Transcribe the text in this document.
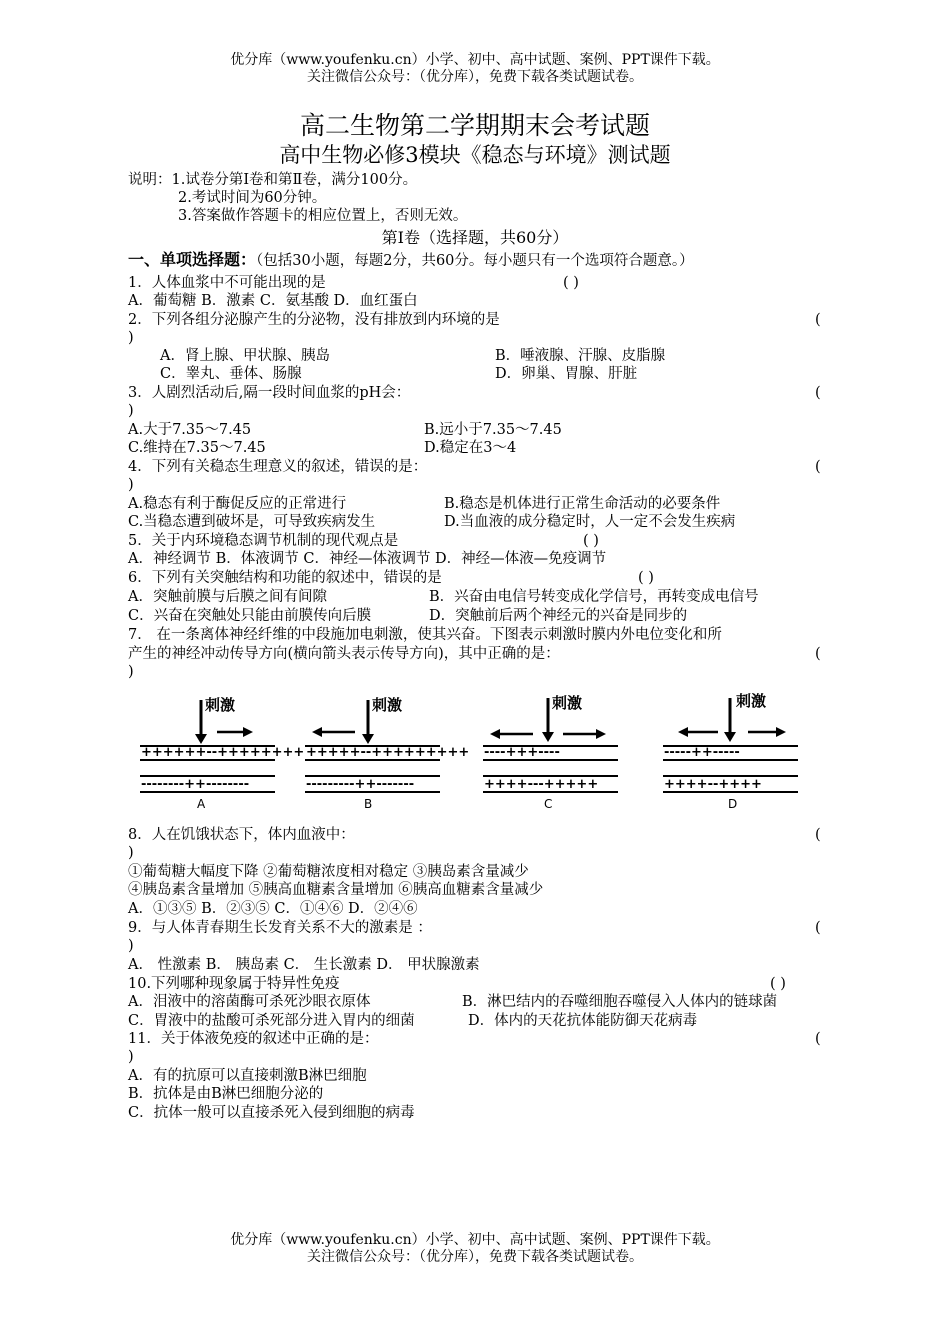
优分库（www.youfenku.cn）小学、初中、高中试题、案例、PPT课件下载。
关注微信公众号：（优分库），免费下载各类试题试卷。
高二生物第二学期期末会考试题
高中生物必修3模块《稳态与环境》测试题
说明：1.试卷分第Ⅰ卷和第Ⅱ卷，满分100分。
2.考试时间为60分钟。
3.答案做作答题卡的相应位置上，否则无效。
第Ⅰ卷（选择题，共60分）
一、单项选择题：（包括30小题，每题2分，共60分。每小题只有一个选项符合题意。）
1．人体血浆中不可能出现的是	( )
A．葡萄糖 B．激素 C．氨基酸 D．血红蛋白
2．下列各组分泌腺产生的分泌物，没有排放到内环境的是	(
)
A．肾上腺、甲状腺、胰岛	B．唾液腺、汗腺、皮脂腺
C．睾丸、垂体、肠腺	D．卵巢、胃腺、肝脏
3．人剧烈活动后,隔一段时间血浆的pH会：	(
)
A.大于7.35～7.45	B.远小于7.35～7.45
C.维持在7.35～7.45	D.稳定在3～4
4．下列有关稳态生理意义的叙述，错误的是：	(
)
A.稳态有利于酶促反应的正常进行	B.稳态是机体进行正常生命活动的必要条件
C.当稳态遭到破坏是，可导致疾病发生	D.当血液的成分稳定时，人一定不会发生疾病
5．关于内环境稳态调节机制的现代观点是	( )
A．神经调节 B．体液调节 C．神经—体液调节 D．神经—体液—免疫调节
6．下列有关突触结构和功能的叙述中，错误的是	( )
A．突触前膜与后膜之间有间隙	B．兴奋由电信号转变成化学信号，再转变成电信号
C．兴奋在突触处只能由前膜传向后膜	D．突触前后两个神经元的兴奋是同步的
7． 在一条离体神经纤维的中段施加电刺激，使其兴奋。下图表示刺激时膜内外电位变化和所
产生的神经冲动传导方向(横向箭头表示传导方向)，其中正确的是：	(
)
刺激
++++++--++++++++
--------++--------
A
刺激
+++++--+++++++++
---------++-------
B
刺激
----+++----
++++---+++++
C
刺激
-----++-----
++++--++++
D
8．人在饥饿状态下，体内血液中：	(
)
①葡萄糖大幅度下降 ②葡萄糖浓度相对稳定 ③胰岛素含量减少
④胰岛素含量增加 ⑤胰高血糖素含量增加 ⑥胰高血糖素含量减少
A．①③⑤ B．②③⑤ C．①④⑥ D．②④⑥
9．与人体青春期生长发育关系不大的激素是 ：	(
)
A． 性激素 B． 胰岛素 C． 生长激素 D． 甲状腺激素
10.下列哪种现象属于特异性免疫	( )
A．泪液中的溶菌酶可杀死沙眼衣原体	B．淋巴结内的吞噬细胞吞噬侵入人体内的链球菌
C．胃液中的盐酸可杀死部分进入胃内的细菌	D．体内的天花抗体能防御天花病毒
11．关于体液免疫的叙述中正确的是：	(
)
A．有的抗原可以直接刺激B淋巴细胞
B．抗体是由B淋巴细胞分泌的
C．抗体一般可以直接杀死入侵到细胞的病毒
优分库（www.youfenku.cn）小学、初中、高中试题、案例、PPT课件下载。
关注微信公众号：（优分库），免费下载各类试题试卷。
